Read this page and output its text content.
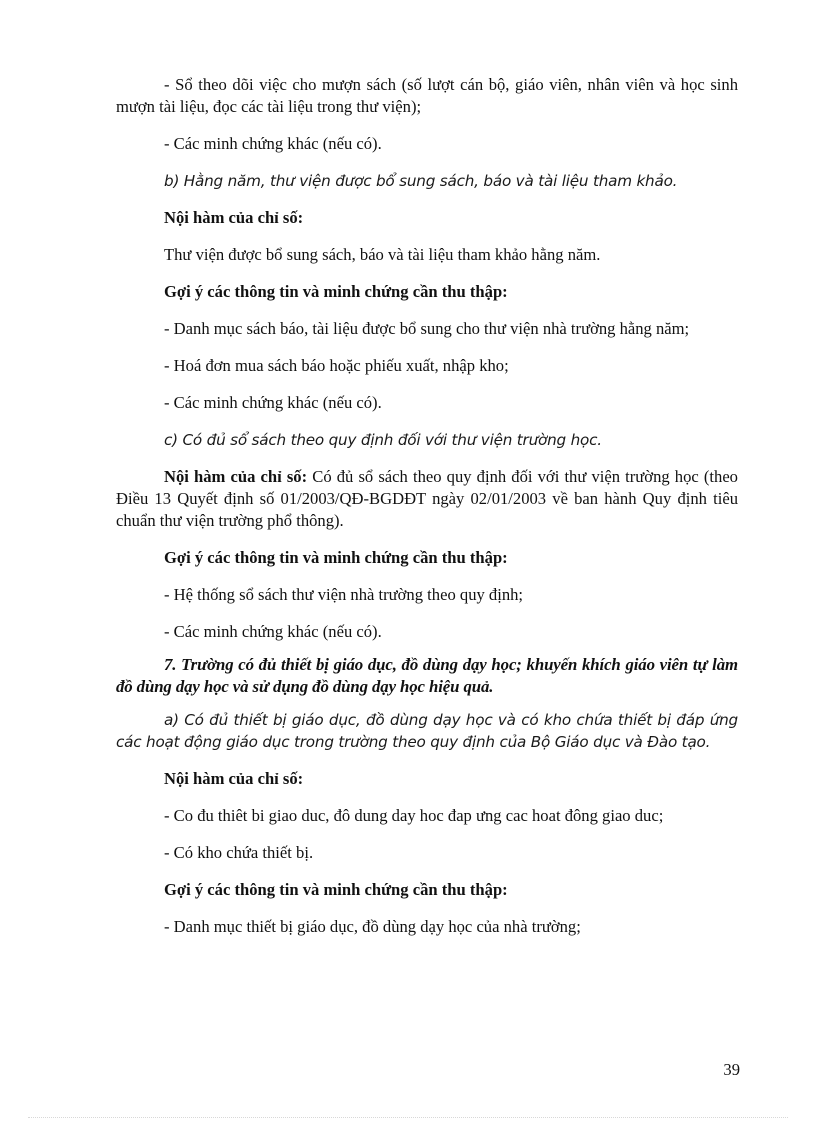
- Sổ theo dõi việc cho mượn sách (số lượt cán bộ, giáo viên, nhân viên và học sinh mượn tài liệu, đọc các tài liệu trong thư viện);

- Các minh chứng khác (nếu có).

b) Hằng năm, thư viện được bổ sung sách, báo và tài liệu tham khảo.

Nội hàm của chỉ số:

Thư viện được bổ sung sách, báo và tài liệu tham khảo hằng năm.

Gợi ý các thông tin và minh chứng cần thu thập:

- Danh mục sách báo, tài liệu được bổ sung cho thư viện nhà trường hằng năm;

- Hoá đơn mua sách báo hoặc phiếu xuất, nhập kho;

- Các minh chứng khác (nếu có).

c) Có đủ sổ sách theo quy định đối với thư viện trường học.

Nội hàm của chỉ số: Có đủ sổ sách theo quy định đối với thư viện trường học (theo Điều 13 Quyết định số 01/2003/QĐ-BGDĐT ngày 02/01/2003 về ban hành Quy định tiêu chuẩn thư viện trường phổ thông).

Gợi ý các thông tin và minh chứng cần thu thập:

- Hệ thống sổ sách thư viện nhà trường theo quy định;

- Các minh chứng khác (nếu có).

7. Trường có đủ thiết bị giáo dục, đồ dùng dạy học; khuyến khích giáo viên tự làm đồ dùng dạy học và sử dụng đồ dùng dạy học hiệu quả.

a) Có đủ thiết bị giáo dục, đồ dùng dạy học và có kho chứa thiết bị đáp ứng các hoạt động giáo dục trong trường theo quy định của Bộ Giáo dục và Đào tạo.

Nội hàm của chỉ số:

- Co đu thiêt bi giao duc, đô dung day hoc đap ưng cac hoat đông giao duc;

- Có kho chứa thiết bị.

Gợi ý các thông tin và minh chứng cần thu thập:

- Danh mục thiết bị giáo dục, đồ dùng dạy học của nhà trường;

39
